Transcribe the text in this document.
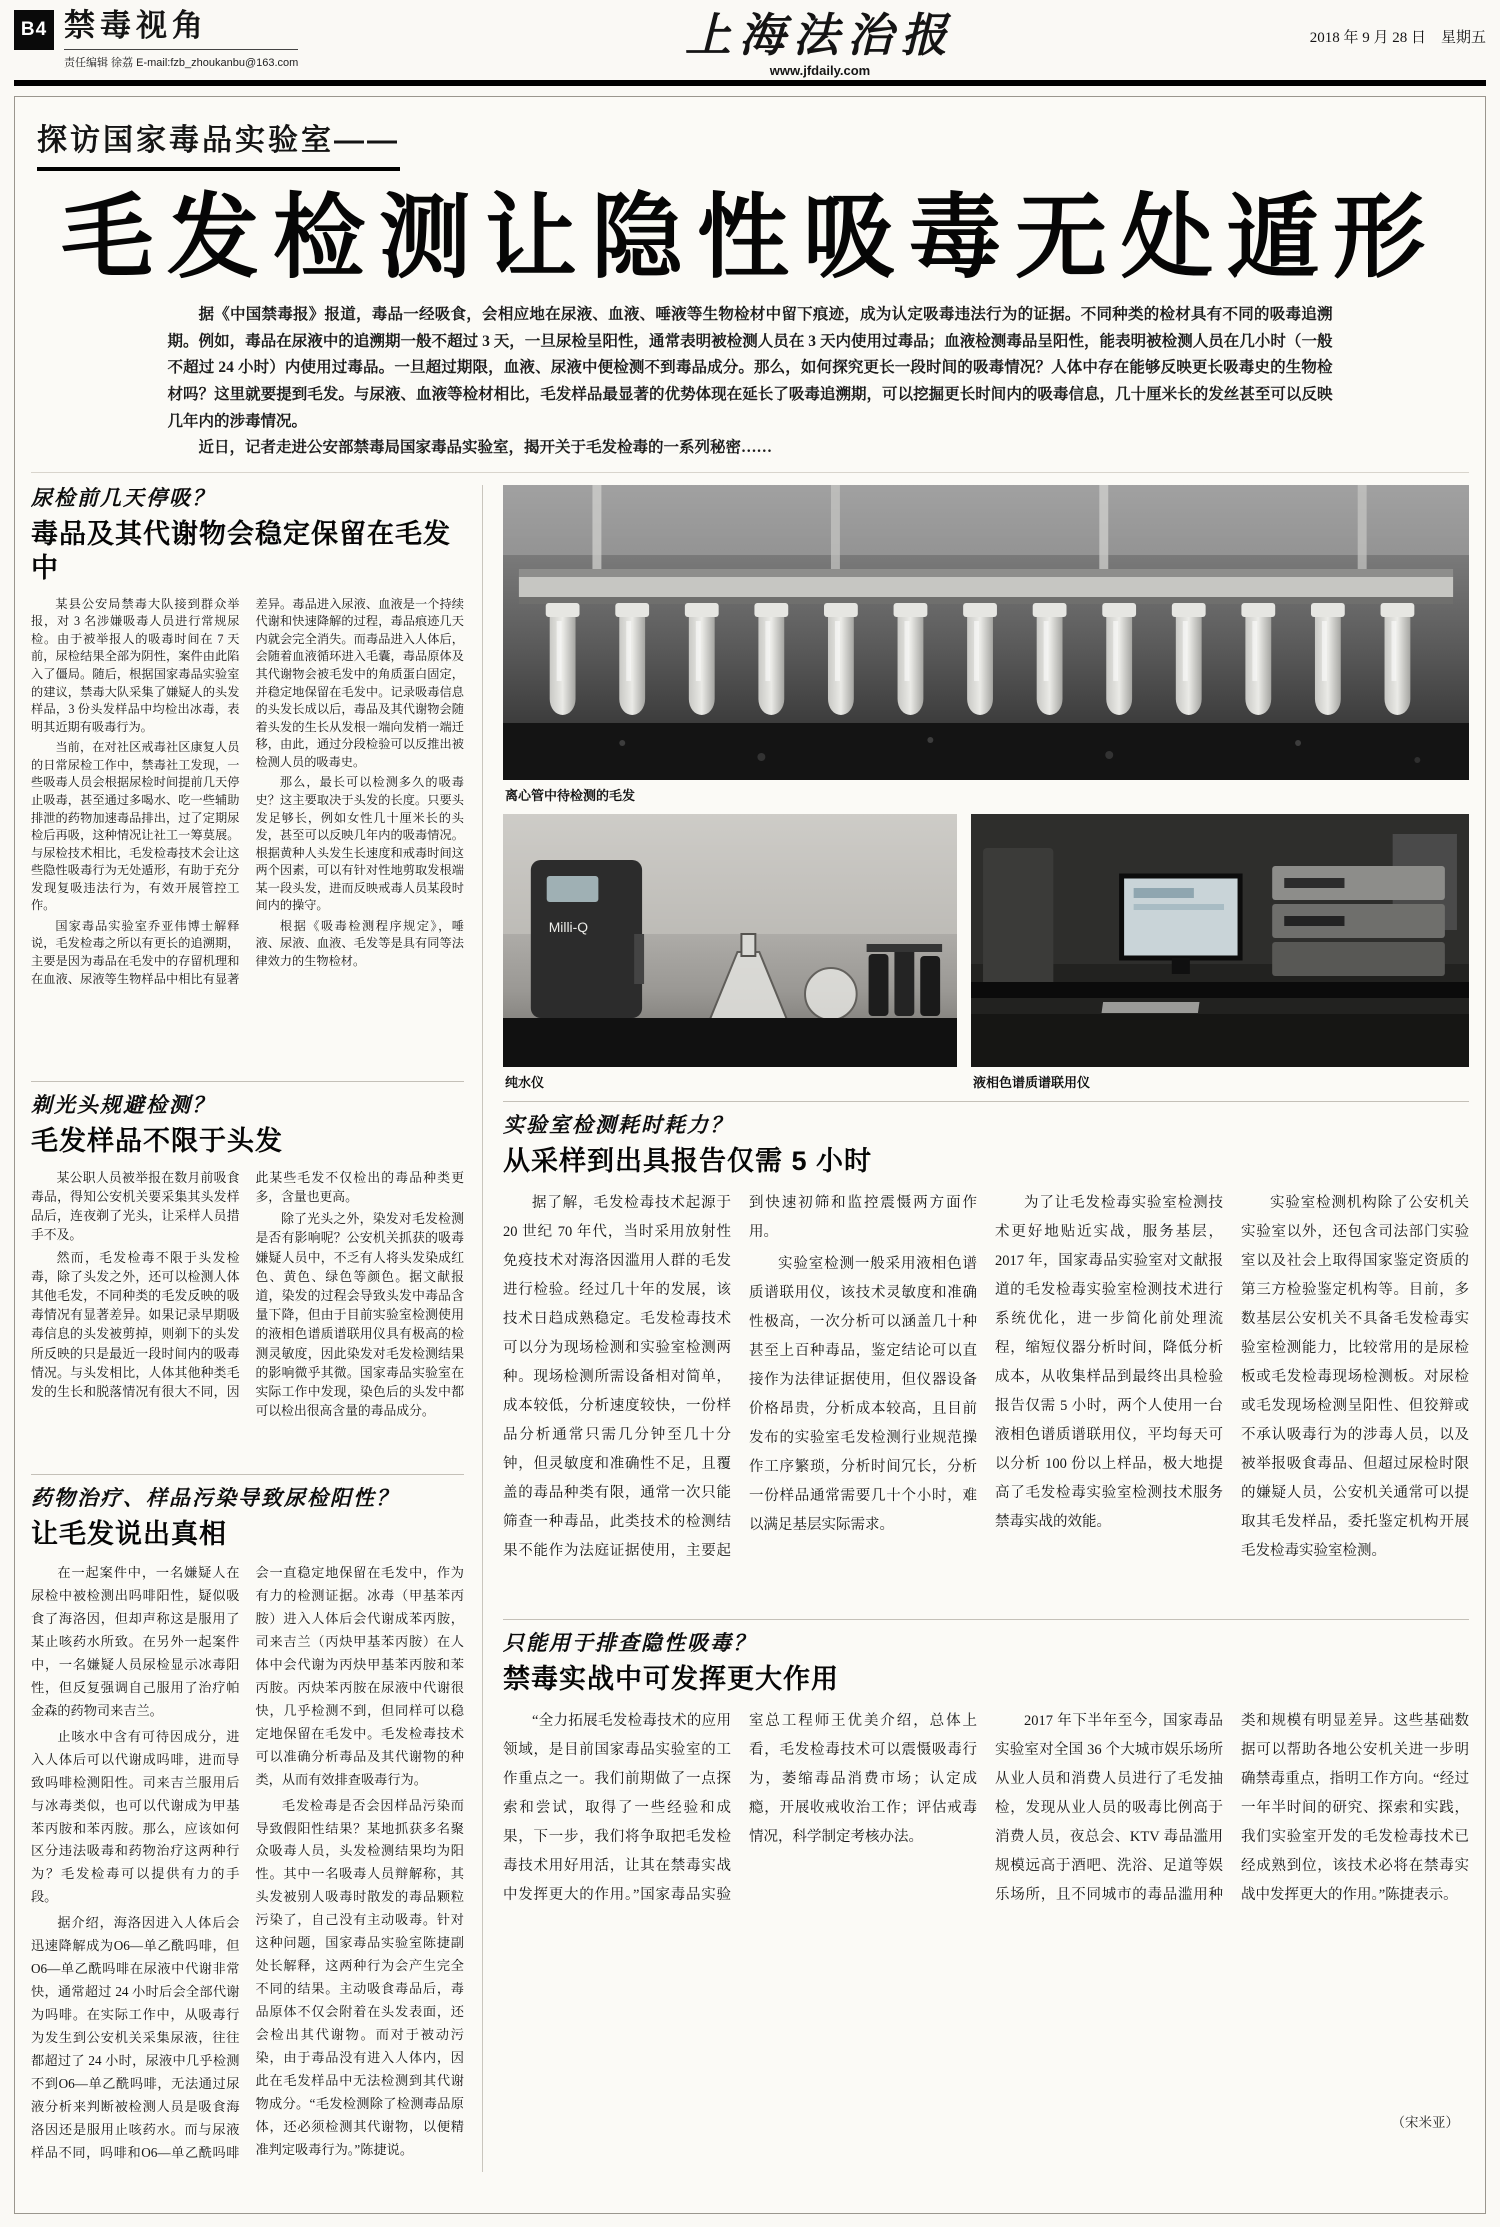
B4 禁毒视角
责任编辑 徐荔 E-mail:fzb_zhoukanbu@163.com
上海法治报
www.jfdaily.com
2018 年 9 月 28 日　星期五
探访国家毒品实验室——
毛发检测让隐性吸毒无处遁形

据《中国禁毒报》报道，毒品一经吸食，会相应地在尿液、血液、唾液等生物检材中留下痕迹，成为认定吸毒违法行为的证据。不同种类的检材具有不同的吸毒追溯期。例如，毒品在尿液中的追溯期一般不超过 3 天，一旦尿检呈阳性，通常表明被检测人员在 3 天内使用过毒品；血液检测毒品呈阳性，能表明被检测人员在几小时（一般不超过 24 小时）内使用过毒品。一旦超过期限，血液、尿液中便检测不到毒品成分。那么，如何探究更长一段时间的吸毒情况？人体中存在能够反映更长吸毒史的生物检材吗？这里就要提到毛发。与尿液、血液等检材相比，毛发样品最显著的优势体现在延长了吸毒追溯期，可以挖掘更长时间内的吸毒信息，几十厘米长的发丝甚至可以反映几年内的涉毒情况。

近日，记者走进公安部禁毒局国家毒品实验室，揭开关于毛发检毒的一系列秘密……

尿检前几天停吸？
毒品及其代谢物会稳定保留在毛发中

某县公安局禁毒大队接到群众举报，对 3 名涉嫌吸毒人员进行常规尿检。由于被举报人的吸毒时间在 7 天前，尿检结果全部为阴性，案件由此陷入了僵局。随后，根据国家毒品实验室的建议，禁毒大队采集了嫌疑人的头发样品，3 份头发样品中均检出冰毒，表明其近期有吸毒行为。

当前，在对社区戒毒社区康复人员的日常尿检工作中，禁毒社工发现，一些吸毒人员会根据尿检时间提前几天停止吸毒，甚至通过多喝水、吃一些辅助排泄的药物加速毒品排出，过了定期尿检后再吸，这种情况让社工一筹莫展。与尿检技术相比，毛发检毒技术会让这些隐性吸毒行为无处遁形，有助于充分发现复吸违法行为，有效开展管控工作。

国家毒品实验室乔亚伟博士解释说，毛发检毒之所以有更长的追溯期，主要是因为毒品在毛发中的存留机理和在血液、尿液等生物样品中相比有显著差异。毒品进入尿液、血液是一个持续代谢和快速降解的过程，毒品痕迹几天内就会完全消失。而毒品进入人体后，会随着血液循环进入毛囊，毒品原体及其代谢物会被毛发中的角质蛋白固定，并稳定地保留在毛发中。记录吸毒信息的头发长成以后，毒品及其代谢物会随着头发的生长从发根一端向发梢一端迁移，由此，通过分段检验可以反推出被检测人员的吸毒史。

那么，最长可以检测多久的吸毒史？这主要取决于头发的长度。只要头发足够长，例如女性几十厘米长的头发，甚至可以反映几年内的吸毒情况。根据黄种人头发生长速度和戒毒时间这两个因素，可以有针对性地剪取发根端某一段头发，进而反映戒毒人员某段时间内的操守。

根据《吸毒检测程序规定》，唾液、尿液、血液、毛发等是具有同等法律效力的生物检材。

剃光头规避检测？
毛发样品不限于头发

某公职人员被举报在数月前吸食毒品，得知公安机关要采集其头发样品后，连夜剃了光头，让采样人员措手不及。

然而，毛发检毒不限于头发检毒，除了头发之外，还可以检测人体其他毛发，不同种类的毛发反映的吸毒情况有显著差异。如果记录早期吸毒信息的头发被剪掉，则剃下的头发所反映的只是最近一段时间内的吸毒情况。与头发相比，人体其他种类毛发的生长和脱落情况有很大不同，因此某些毛发不仅检出的毒品种类更多，含量也更高。

除了光头之外，染发对毛发检测是否有影响呢？公安机关抓获的吸毒嫌疑人员中，不乏有人将头发染成红色、黄色、绿色等颜色。据文献报道，染发的过程会导致头发中毒品含量下降，但由于目前实验室检测使用的液相色谱质谱联用仪具有极高的检测灵敏度，因此染发对毛发检测结果的影响微乎其微。国家毒品实验室在实际工作中发现，染色后的头发中都可以检出很高含量的毒品成分。

药物治疗、样品污染导致尿检阳性？
让毛发说出真相

在一起案件中，一名嫌疑人在尿检中被检测出吗啡阳性，疑似吸食了海洛因，但却声称这是服用了某止咳药水所致。在另外一起案件中，一名嫌疑人员尿检显示冰毒阳性，但反复强调自己服用了治疗帕金森的药物司来吉兰。

止咳水中含有可待因成分，进入人体后可以代谢成吗啡，进而导致吗啡检测阳性。司来吉兰服用后与冰毒类似，也可以代谢成为甲基苯丙胺和苯丙胺。那么，应该如何区分违法吸毒和药物治疗这两种行为？毛发检毒可以提供有力的手段。

据介绍，海洛因进入人体后会迅速降解成为O6—单乙酰吗啡，但O6—单乙酰吗啡在尿液中代谢非常快，通常超过 24 小时后会全部代谢为吗啡。在实际工作中，从吸毒行为发生到公安机关采集尿液，往往都超过了 24 小时，尿液中几乎检测不到O6—单乙酰吗啡，无法通过尿液分析来判断被检测人员是吸食海洛因还是服用止咳药水。而与尿液样品不同，吗啡和O6—单乙酰吗啡会一直稳定地保留在毛发中，作为有力的检测证据。冰毒（甲基苯丙胺）进入人体后会代谢成苯丙胺，司来吉兰（丙炔甲基苯丙胺）在人体中会代谢为丙炔甲基苯丙胺和苯丙胺。丙炔苯丙胺在尿液中代谢很快，几乎检测不到，但同样可以稳定地保留在毛发中。毛发检毒技术可以准确分析毒品及其代谢物的种类，从而有效排查吸毒行为。

毛发检毒是否会因样品污染而导致假阳性结果？某地抓获多名聚众吸毒人员，头发检测结果均为阳性。其中一名吸毒人员辩解称，其头发被别人吸毒时散发的毒品颗粒污染了，自己没有主动吸毒。针对这种问题，国家毒品实验室陈捷副处长解释，这两种行为会产生完全不同的结果。主动吸食毒品后，毒品原体不仅会附着在头发表面，还会检出其代谢物。而对于被动污染，由于毒品没有进入人体内，因此在毛发样品中无法检测到其代谢物成分。“毛发检测除了检测毒品原体，还必须检测其代谢物，以便精准判定吸毒行为。”陈捷说。

离心管中待检测的毛发
Milli-Q
纯水仪	液相色谱质谱联用仪
实验室检测耗时耗力？
从采样到出具报告仅需 5 小时

据了解，毛发检毒技术起源于 20 世纪 70 年代，当时采用放射性免疫技术对海洛因滥用人群的毛发进行检验。经过几十年的发展，该技术日趋成熟稳定。毛发检毒技术可以分为现场检测和实验室检测两种。现场检测所需设备相对简单，成本较低，分析速度较快，一份样品分析通常只需几分钟至几十分钟，但灵敏度和准确性不足，且覆盖的毒品种类有限，通常一次只能筛查一种毒品，此类技术的检测结果不能作为法庭证据使用，主要起到快速初筛和监控震慑两方面作用。

实验室检测一般采用液相色谱质谱联用仪，该技术灵敏度和准确性极高，一次分析可以涵盖几十种甚至上百种毒品，鉴定结论可以直接作为法律证据使用，但仪器设备价格昂贵，分析成本较高，且目前发布的实验室毛发检测行业规范操作工序繁琐，分析时间冗长，分析一份样品通常需要几十个小时，难以满足基层实际需求。

为了让毛发检毒实验室检测技术更好地贴近实战，服务基层，2017 年，国家毒品实验室对文献报道的毛发检毒实验室检测技术进行系统优化，进一步简化前处理流程，缩短仪器分析时间，降低分析成本，从收集样品到最终出具检验报告仅需 5 小时，两个人使用一台液相色谱质谱联用仪，平均每天可以分析 100 份以上样品，极大地提高了毛发检毒实验室检测技术服务禁毒实战的效能。

实验室检测机构除了公安机关实验室以外，还包含司法部门实验室以及社会上取得国家鉴定资质的第三方检验鉴定机构等。目前，多数基层公安机关不具备毛发检毒实验室检测能力，比较常用的是尿检板或毛发检毒现场检测板。对尿检或毛发现场检测呈阳性、但狡辩或不承认吸毒行为的涉毒人员，以及被举报吸食毒品、但超过尿检时限的嫌疑人员，公安机关通常可以提取其毛发样品，委托鉴定机构开展毛发检毒实验室检测。

只能用于排查隐性吸毒？
禁毒实战中可发挥更大作用

“全力拓展毛发检毒技术的应用领域，是目前国家毒品实验室的工作重点之一。我们前期做了一点探索和尝试，取得了一些经验和成果，下一步，我们将争取把毛发检毒技术用好用活，让其在禁毒实战中发挥更大的作用。”国家毒品实验室总工程师王优美介绍，总体上看，毛发检毒技术可以震慑吸毒行为，萎缩毒品消费市场；认定成瘾，开展收戒收治工作；评估戒毒情况，科学制定考核办法。

2017 年下半年至今，国家毒品实验室对全国 36 个大城市娱乐场所从业人员和消费人员进行了毛发抽检，发现从业人员的吸毒比例高于消费人员，夜总会、KTV 毒品滥用规模远高于酒吧、洗浴、足道等娱乐场所，且不同城市的毒品滥用种类和规模有明显差异。这些基础数据可以帮助各地公安机关进一步明确禁毒重点，指明工作方向。“经过一年半时间的研究、探索和实践，我们实验室开发的毛发检毒技术已经成熟到位，该技术必将在禁毒实战中发挥更大的作用。”陈捷表示。

（宋米亚）
